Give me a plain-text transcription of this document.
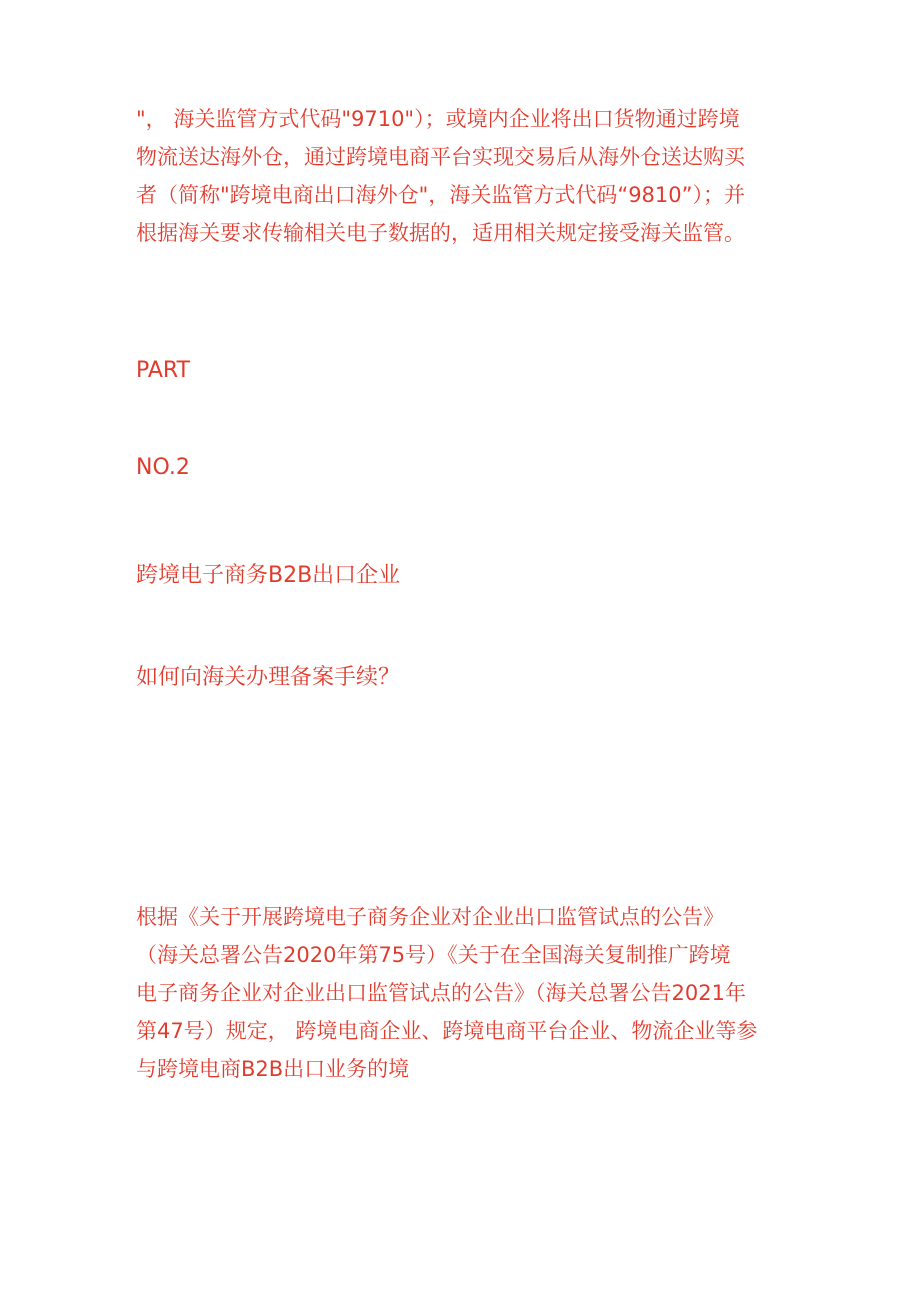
"， 海关监管方式代码"9710"）；或境内企业将出口货物通过跨境
物流送达海外仓，通过跨境电商平台实现交易后从海外仓送达购买
者（简称"跨境电商出口海外仓"，海关监管方式代码“9810”）；并
根据海关要求传输相关电子数据的，适用相关规定接受海关监管。
PART
NO.2
跨境电子商务B2B出口企业
如何向海关办理备案手续？
根据《关于开展跨境电子商务企业对企业出口监管试点的公告》
（海关总署公告2020年第75号）《关于在全国海关复制推广跨境
电子商务企业对企业出口监管试点的公告》（海关总署公告2021年
第47号）规定， 跨境电商企业、跨境电商平台企业、物流企业等参
与跨境电商B2B出口业务的境
